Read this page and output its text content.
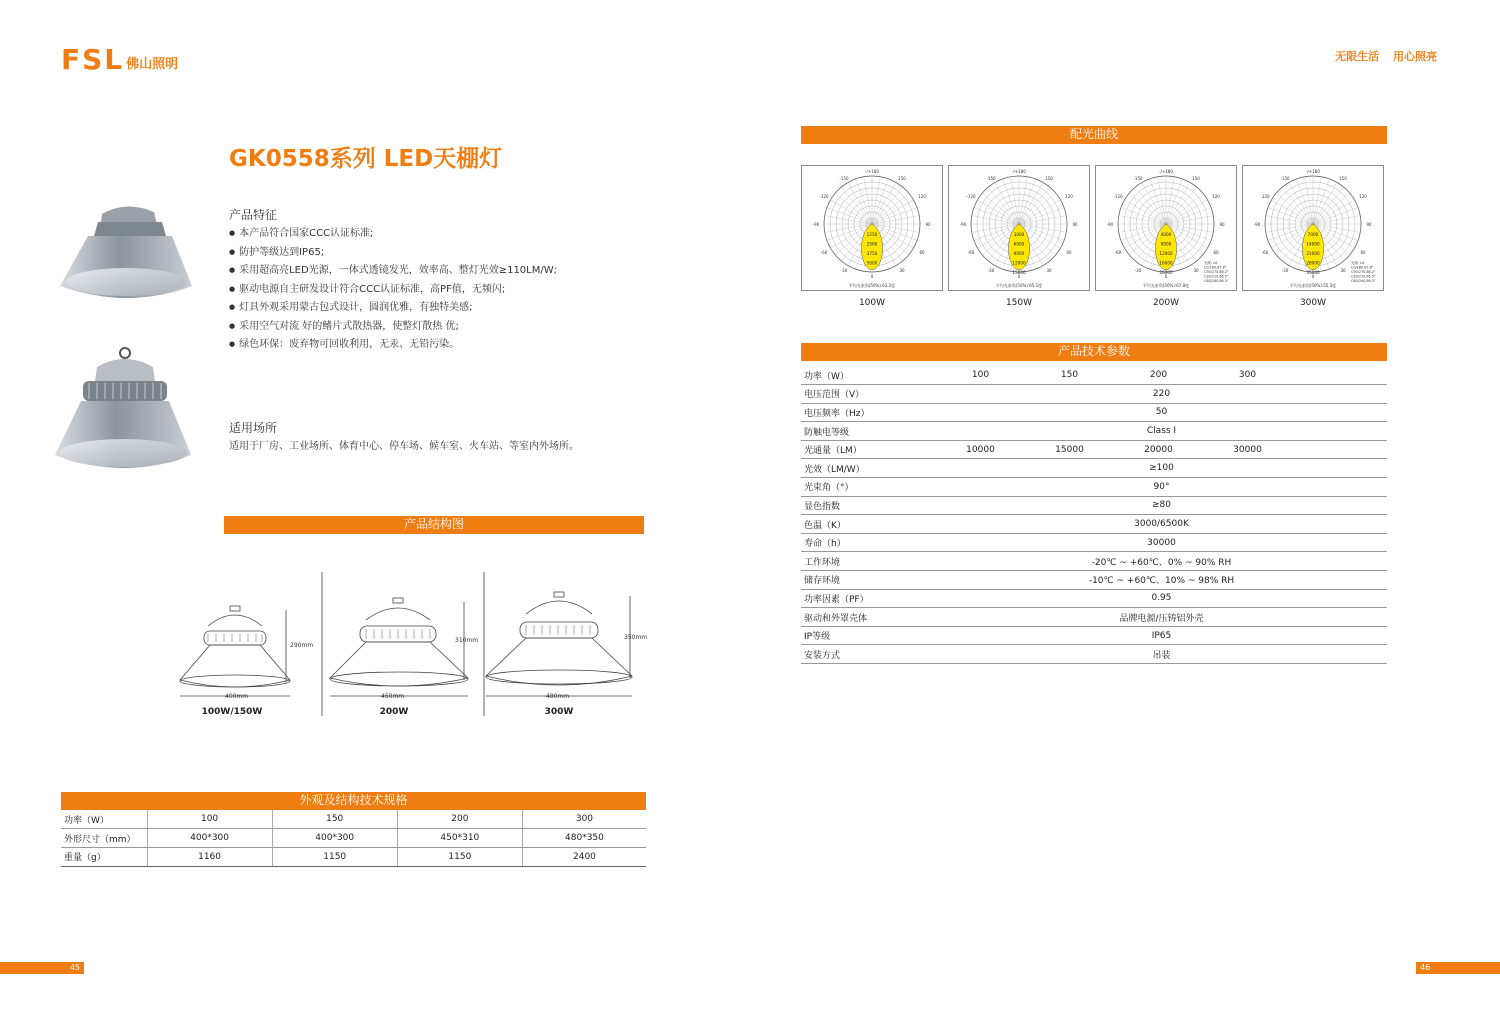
FSL 佛山照明
无限生活 用心照亮
GK0558系列 LED天棚灯
产品特征
● 本产品符合国家CCC认证标准;
● 防护等级达到IP65;
● 采用超高亮LED光源，一体式透镜发光，效率高、整灯光效≥110LM/W;
● 驱动电源自主研发设计符合CCC认证标准，高PF值，无频闪;
● 灯具外观采用蒙古包式设计，圆润优雅，有独特美感;
● 采用空气对流 好的鳍片式散热器，使整灯散热 优;
● 绿色环保：废弃物可回收利用，无汞、无铅污染。
适用场所
适用于厂房、工业场所、体育中心、停车场、候车室、火车站、等室内外场所。
产品结构图
290mm
400mm
310mm
450mm
350mm
480mm
100W/150W	200W	300W
外观及结构技术规格
功率（W）	100	150	200	300
外形尺寸（mm）	400*300	400*300	450*310	480*350
重量（g）	1160	1150	1150	2400
配光曲线
1250
2500
3750
5000
-/+180
-150	150
-120	120
-90	90
-60	60
-30	30
0
平均光束角(50%):63.2度
100W
3000
6000
9000
12000
15000
-/+180
-150	150
-120	120
-90	90
-60	60
-30	30
0
平均光束角(50%):65.1度
150W
4000
8000
12000
16000
20000
-/+180
-150	150
-120	120
-90	90
-60	60
-30	30
0
平均光束角(50%):67.8度
光源: cd
C0/180,67.8°
C90/270,66.2°
C30/210,66.5°
C60/240,66.3°
200W
7000
14000
21000
28000
35000
-/+180
-150	150
-120	120
-90	90
-60	60
-30	30
0
平均光束角(50%):55.3度
光源: cd
C0/180,67.8°
C90/270,66.2°
C30/210,66.5°
C60/240,66.3°
300W
产品技术参数
功率（W）	100	150	200	300	
电压范围（V）	220				
电压频率（Hz）	50				
防触电等级	Class Ⅰ				
光通量（LM）	10000	15000	20000	30000	
光效（LM/W）	≥100				
光束角（°）	90°				
显色指数	≥80				
色温（K）	3000/6500K				
寿命（h）	30000				
工作环境	-20℃ ~ +60℃、0% ~ 90% RH				
储存环境	-10℃ ~ +60℃、10% ~ 98% RH				
功率因素（PF）	0.95				
驱动和外罩壳体	品牌电源/压铸铝外壳				
IP等级	IP65				
安装方式	吊装				
45	46
